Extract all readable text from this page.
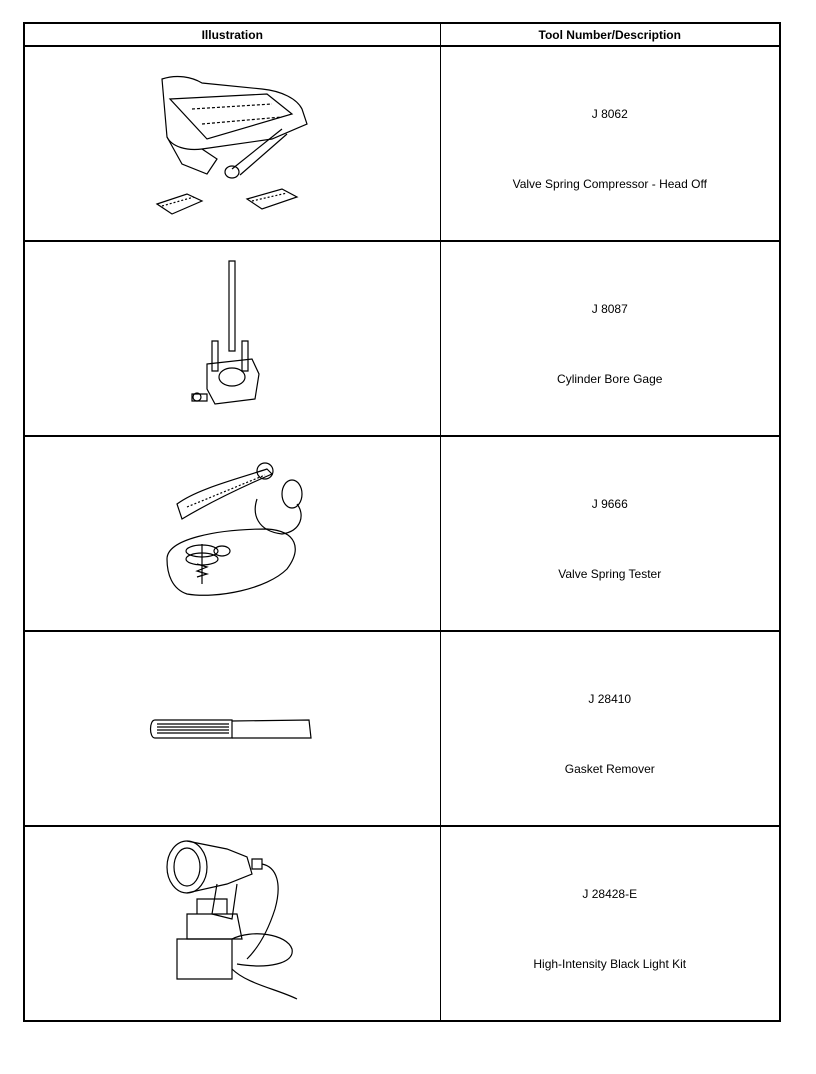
Illustration	Tool Number/Description

J 8062
Valve Spring Compressor - Head Off

J 8087
Cylinder Bore Gage

J 9666
Valve Spring Tester

J 28410
Gasket Remover

J 28428-E
High-Intensity Black Light Kit
